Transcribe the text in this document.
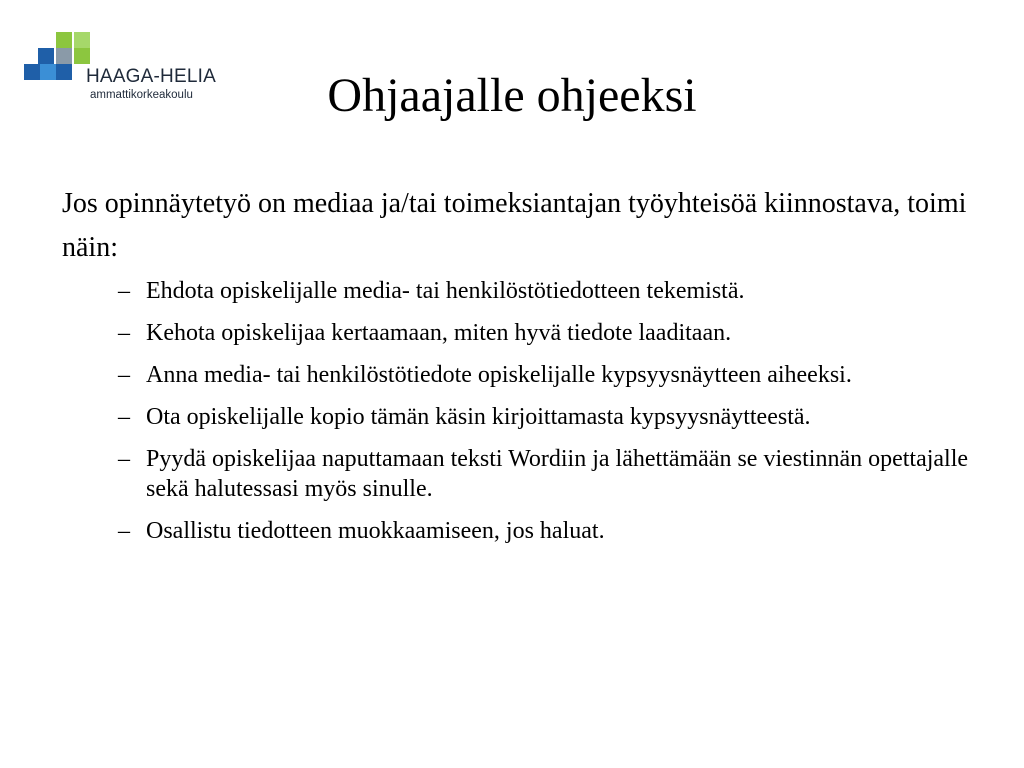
HAAGA-HELIA
ammattikorkeakoulu	Ohjaajalle ohjeeksi

Jos opinnäytetyö on mediaa ja/tai toimeksiantajan työyhteisöä kiinnostava, toimi näin:

– Ehdota opiskelijalle media- tai henkilöstötiedotteen tekemistä.
– Kehota opiskelijaa kertaamaan, miten hyvä tiedote laaditaan.
– Anna media- tai henkilöstötiedote opiskelijalle kypsyysnäytteen aiheeksi.
– Ota opiskelijalle kopio tämän käsin kirjoittamasta kypsyysnäytteestä.
– Pyydä opiskelijaa naputtamaan teksti Wordiin ja lähettämään se viestinnän opettajalle sekä halutessasi myös sinulle.
– Osallistu tiedotteen muokkaamiseen, jos haluat.
